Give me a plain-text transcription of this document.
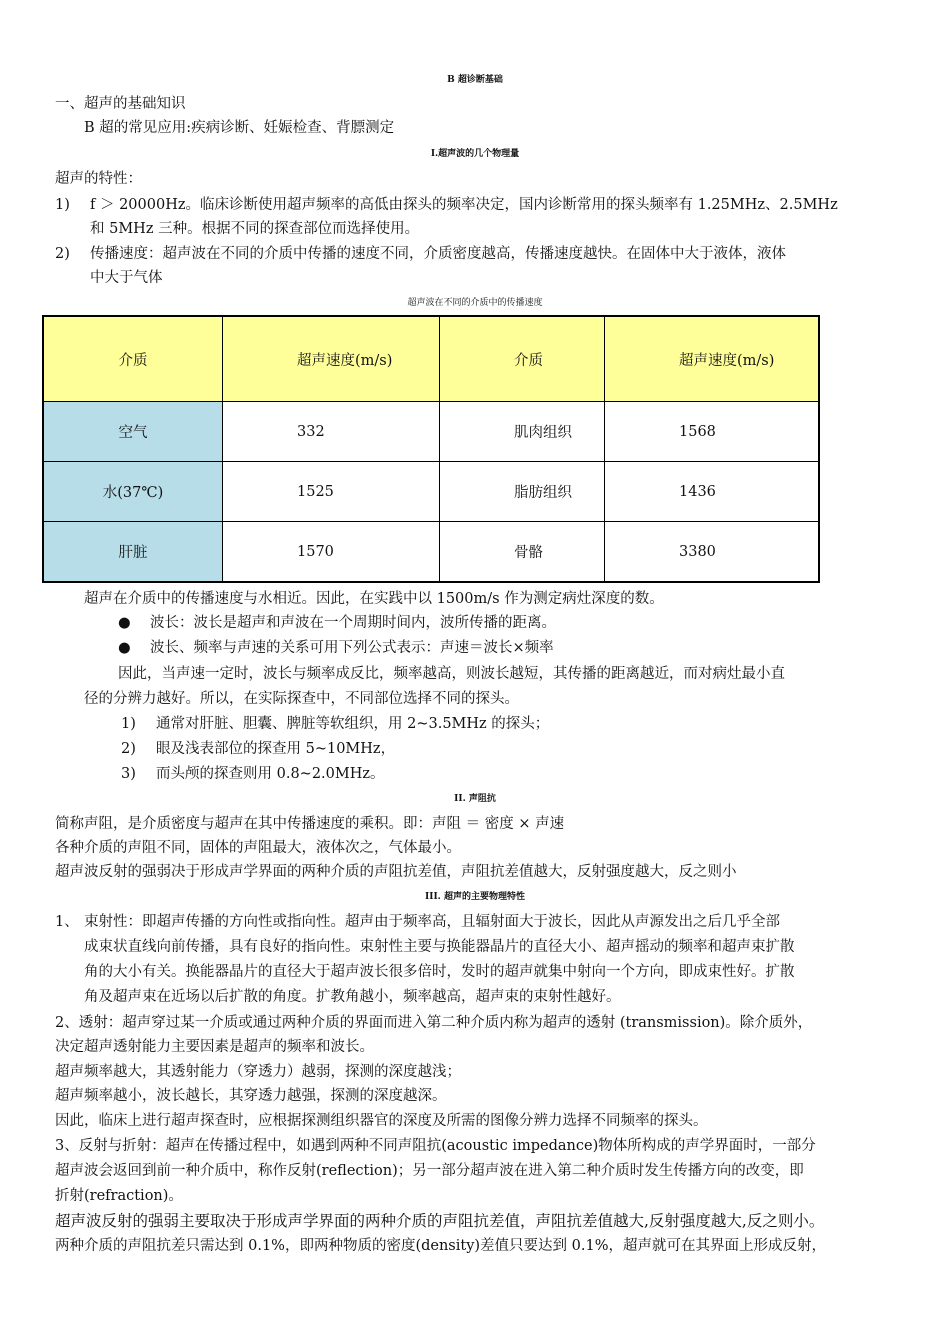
B 超诊断基础
一、超声的基础知识
B 超的常见应用:疾病诊断、妊娠检查、背膘测定
I.超声波的几个物理量
超声的特性：
1) f ＞ 20000Hz。临床诊断使用超声频率的高低由探头的频率决定，国内诊断常用的探头频率有 1.25MHz、2.5MHz
和 5MHz 三种。根据不同的探查部位而选择使用。
2) 传播速度：超声波在不同的介质中传播的速度不同，介质密度越高，传播速度越快。在固体中大于液体，液体
中大于气体
超声波在不同的介质中的传播速度
介质	超声速度(m/s)	介质	超声速度(m/s)
空气	332	肌肉组织	1568
水(37℃)	1525	脂肪组织	1436
肝脏	1570	骨骼	3380
超声在介质中的传播速度与水相近。因此，在实践中以 1500m/s 作为测定病灶深度的数。
● 波长：波长是超声和声波在一个周期时间内，波所传播的距离。
● 波长、频率与声速的关系可用下列公式表示：声速＝波长×频率
因此，当声速一定时，波长与频率成反比，频率越高，则波长越短，其传播的距离越近，而对病灶最小直
径的分辨力越好。所以，在实际探查中，不同部位选择不同的探头。
1) 通常对肝脏、胆囊、脾脏等软组织，用 2~3.5MHz 的探头；
2) 眼及浅表部位的探查用 5~10MHz，
3) 而头颅的探查则用 0.8~2.0MHz。
II. 声阻抗
简称声阻，是介质密度与超声在其中传播速度的乘积。即：声阻 ＝ 密度 × 声速
各种介质的声阻不同，固体的声阻最大，液体次之，气体最小。
超声波反射的强弱决于形成声学界面的两种介质的声阻抗差值，声阻抗差值越大，反射强度越大，反之则小
III. 超声的主要物理特性
1、 束射性：即超声传播的方向性或指向性。超声由于频率高，且辐射面大于波长，因此从声源发出之后几乎全部
成束状直线向前传播，具有良好的指向性。束射性主要与换能器晶片的直径大小、超声摇动的频率和超声束扩散
角的大小有关。换能器晶片的直径大于超声波长很多倍时，发时的超声就集中射向一个方向，即成束性好。扩散
角及超声束在近场以后扩散的角度。扩教角越小，频率越高，超声束的束射性越好。
2、透射：超声穿过某一介质或通过两种介质的界面而进入第二种介质内称为超声的透射 (transmission)。除介质外，
决定超声透射能力主要因素是超声的频率和波长。
超声频率越大，其透射能力（穿透力）越弱，探测的深度越浅；
超声频率越小，波长越长，其穿透力越强，探测的深度越深。
因此，临床上进行超声探查时，应根据探测组织器官的深度及所需的图像分辨力选择不同频率的探头。
3、反射与折射：超声在传播过程中，如遇到两种不同声阻抗(acoustic impedance)物体所构成的声学界面时，一部分
超声波会返回到前一种介质中，称作反射(reflection)；另一部分超声波在进入第二种介质时发生传播方向的改变，即
折射(refraction)。
超声波反射的强弱主要取决于形成声学界面的两种介质的声阻抗差值，声阻抗差值越大,反射强度越大,反之则小。
两种介质的声阻抗差只需达到 0.1%，即两种物质的密度(density)差值只要达到 0.1%，超声就可在其界面上形成反射，
